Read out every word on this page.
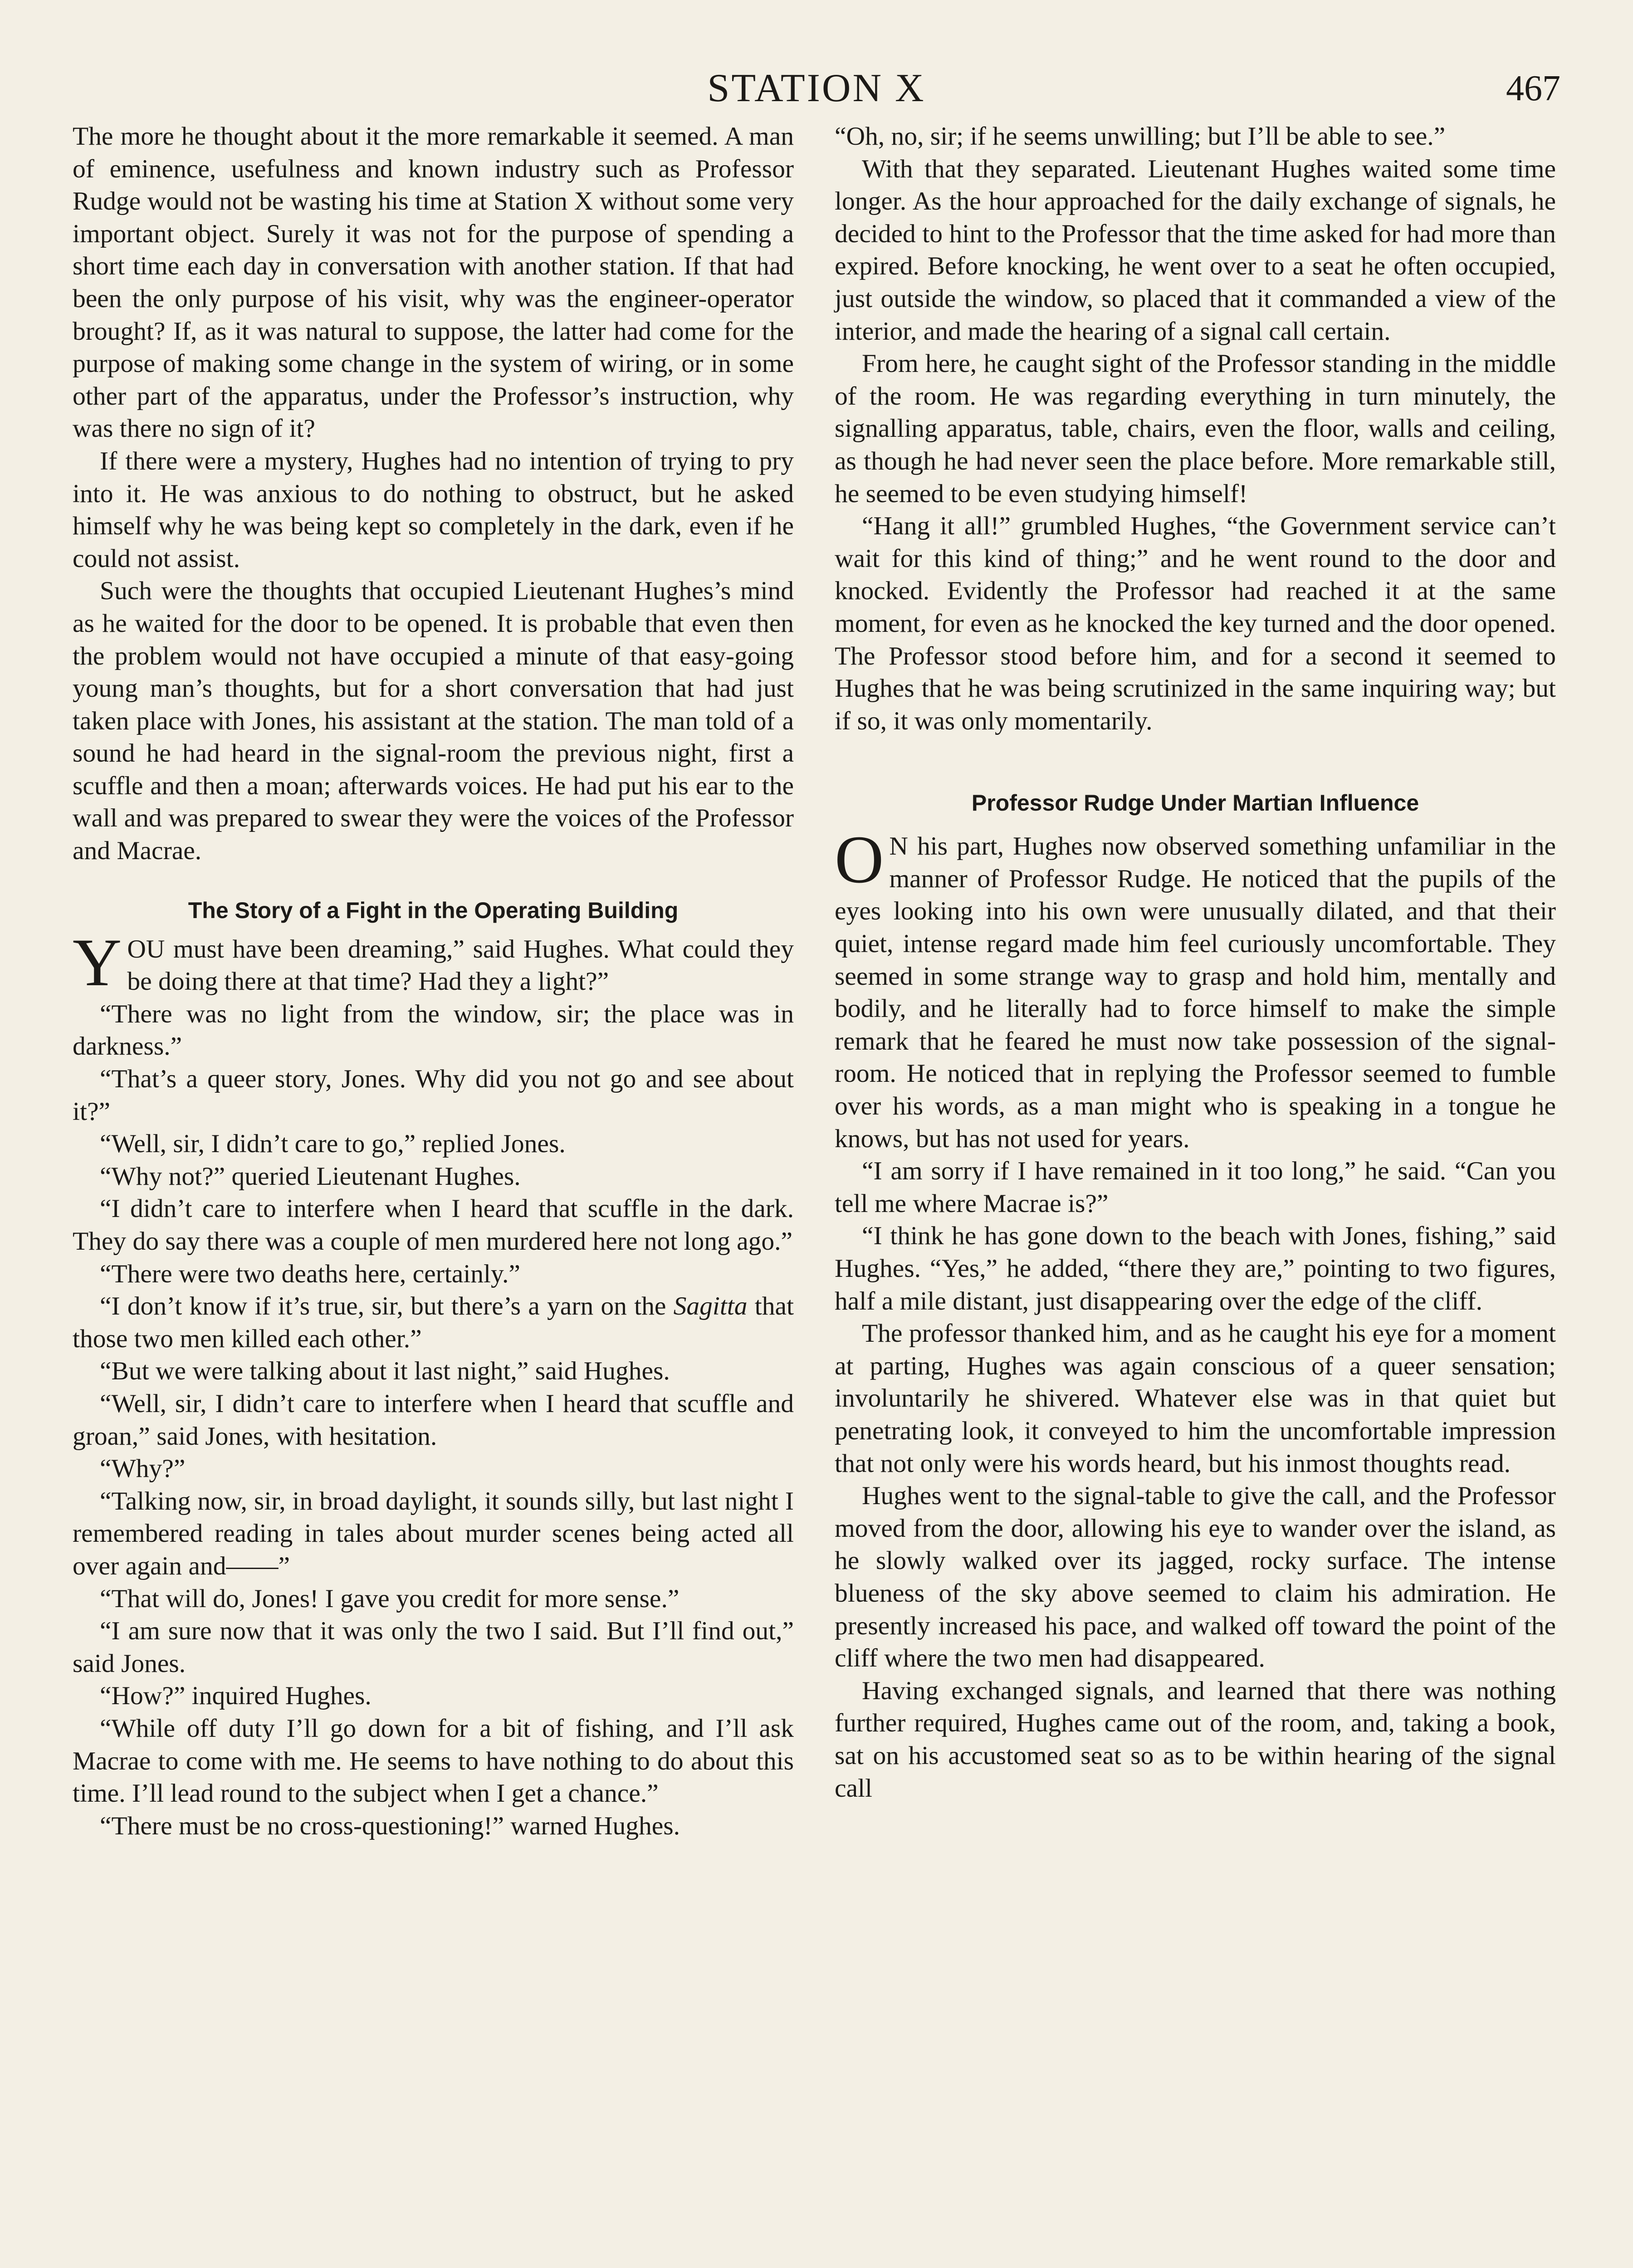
STATION X	467

The more he thought about it the more remarkable it seemed. A man of eminence, usefulness and known industry such as Professor Rudge would not be wasting his time at Station X without some very important object. Surely it was not for the purpose of spending a short time each day in conversation with another station. If that had been the only purpose of his visit, why was the engineer-operator brought? If, as it was natural to suppose, the latter had come for the purpose of making some change in the system of wiring, or in some other part of the apparatus, under the Professor’s instruction, why was there no sign of it?

If there were a mystery, Hughes had no intention of trying to pry into it. He was anxious to do nothing to obstruct, but he asked himself why he was being kept so completely in the dark, even if he could not assist.

Such were the thoughts that occupied Lieutenant Hughes’s mind as he waited for the door to be opened. It is probable that even then the problem would not have occupied a minute of that easy-going young man’s thoughts, but for a short conversation that had just taken place with Jones, his assistant at the station. The man told of a sound he had heard in the signal-room the previous night, first a scuffle and then a moan; afterwards voices. He had put his ear to the wall and was prepared to swear they were the voices of the Professor and Macrae.

The Story of a Fight in the Operating Building

YOU must have been dreaming,” said Hughes. What could they be doing there at that time? Had they a light?”

“There was no light from the window, sir; the place was in darkness.”

“That’s a queer story, Jones. Why did you not go and see about it?”

“Well, sir, I didn’t care to go,” replied Jones.

“Why not?” queried Lieutenant Hughes.

“I didn’t care to interfere when I heard that scuffle in the dark. They do say there was a couple of men murdered here not long ago.”

“There were two deaths here, certainly.”

“I don’t know if it’s true, sir, but there’s a yarn on the Sagitta that those two men killed each other.”

“But we were talking about it last night,” said Hughes.

“Well, sir, I didn’t care to interfere when I heard that scuffle and groan,” said Jones, with hesitation.

“Why?”

“Talking now, sir, in broad daylight, it sounds silly, but last night I remembered reading in tales about murder scenes being acted all over again and——”

“That will do, Jones! I gave you credit for more sense.”

“I am sure now that it was only the two I said. But I’ll find out,” said Jones.

“How?” inquired Hughes.

“While off duty I’ll go down for a bit of fishing, and I’ll ask Macrae to come with me. He seems to have nothing to do about this time. I’ll lead round to the subject when I get a chance.”

“There must be no cross-questioning!” warned Hughes.

“Oh, no, sir; if he seems unwilling; but I’ll be able to see.”

With that they separated. Lieutenant Hughes waited some time longer. As the hour approached for the daily exchange of signals, he decided to hint to the Professor that the time asked for had more than expired. Before knocking, he went over to a seat he often occupied, just outside the window, so placed that it commanded a view of the interior, and made the hearing of a signal call certain.

From here, he caught sight of the Professor standing in the middle of the room. He was regarding everything in turn minutely, the signalling apparatus, table, chairs, even the floor, walls and ceiling, as though he had never seen the place before. More remarkable still, he seemed to be even studying himself!

“Hang it all!” grumbled Hughes, “the Government service can’t wait for this kind of thing;” and he went round to the door and knocked. Evidently the Professor had reached it at the same moment, for even as he knocked the key turned and the door opened. The Professor stood before him, and for a second it seemed to Hughes that he was being scrutinized in the same inquiring way; but if so, it was only momentarily.

Professor Rudge Under Martian Influence

O N his part, Hughes now observed something unfamiliar in the manner of Professor Rudge. He noticed that the pupils of the eyes looking into his own were unusually dilated, and that their quiet, intense regard made him feel curiously uncomfortable. They seemed in some strange way to grasp and hold him, mentally and bodily, and he literally had to force himself to make the simple remark that he feared he must now take possession of the signal-room. He noticed that in replying the Professor seemed to fumble over his words, as a man might who is speaking in a tongue he knows, but has not used for years.

“I am sorry if I have remained in it too long,” he said. “Can you tell me where Macrae is?”

“I think he has gone down to the beach with Jones, fishing,” said Hughes. “Yes,” he added, “there they are,” pointing to two figures, half a mile distant, just disappearing over the edge of the cliff.

The professor thanked him, and as he caught his eye for a moment at parting, Hughes was again conscious of a queer sensation; involuntarily he shivered. Whatever else was in that quiet but penetrating look, it conveyed to him the uncomfortable impression that not only were his words heard, but his inmost thoughts read.

Hughes went to the signal-table to give the call, and the Professor moved from the door, allowing his eye to wander over the island, as he slowly walked over its jagged, rocky surface. The intense blueness of the sky above seemed to claim his admiration. He presently increased his pace, and walked off toward the point of the cliff where the two men had disappeared.

Having exchanged signals, and learned that there was nothing further required, Hughes came out of the room, and, taking a book, sat on his accustomed seat so as to be within hearing of the signal call
